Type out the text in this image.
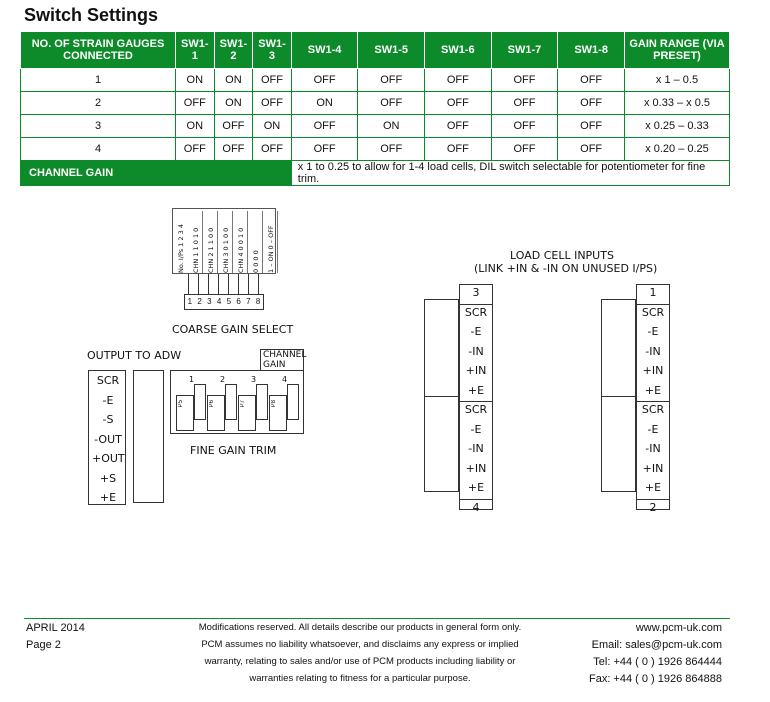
Switch Settings
NO. OF STRAIN GAUGES CONNECTED	SW1-1	SW1-2	SW1-3	SW1-4	SW1-5	SW1-6	SW1-7	SW1-8	GAIN RANGE (VIA PRESET)
1	ON	ON	OFF	OFF	OFF	OFF	OFF	OFF	x 1 – 0.5
2	OFF	ON	OFF	ON	OFF	OFF	OFF	OFF	x 0.33 – x 0.5
3	ON	OFF	ON	OFF	ON	OFF	OFF	OFF	x 0.25 – 0.33
4	OFF	OFF	OFF	OFF	OFF	OFF	OFF	OFF	x 0.20 – 0.25
CHANNEL GAIN				x 1 to 0.25 to allow for 1-4 load cells, DIL switch selectable for potentiometer for fine trim.					
No. I/Ps 1 2 3 4	CHN 1 1 0 1 0	CHN 2 1 1 0 0	CHN 3 0 1 0 0	CHN 4 0 0 1 0	0 0 0 0	1 – ON 0 – OFF
1 2 3 4 5 6 7 8
COARSE GAIN SELECT
OUTPUT TO ADW
SCR
-E
-S
-OUT
+OUT
+S
+E
1
P5
2
P6
3
P7
4
P8
CHANNEL GAIN
FINE GAIN TRIM
LOAD CELL INPUTS
(LINK +IN & -IN ON UNUSED I/PS)
3
SCR
-E
-IN
+IN
+E
SCR
-E
-IN
+IN
+E
4
1
SCR
-E
-IN
+IN
+E
SCR
-E
-IN
+IN
+E
2
APRIL 2014
Page 2
Modifications reserved. All details describe our products in general form only.
PCM assumes no liability whatsoever, and disclaims any express or implied
warranty, relating to sales and/or use of PCM products including liability or
warranties relating to fitness for a particular purpose.
www.pcm-uk.com
Email: sales@pcm-uk.com
Tel: +44 ( 0 ) 1926 864444
Fax: +44 ( 0 ) 1926 864888
